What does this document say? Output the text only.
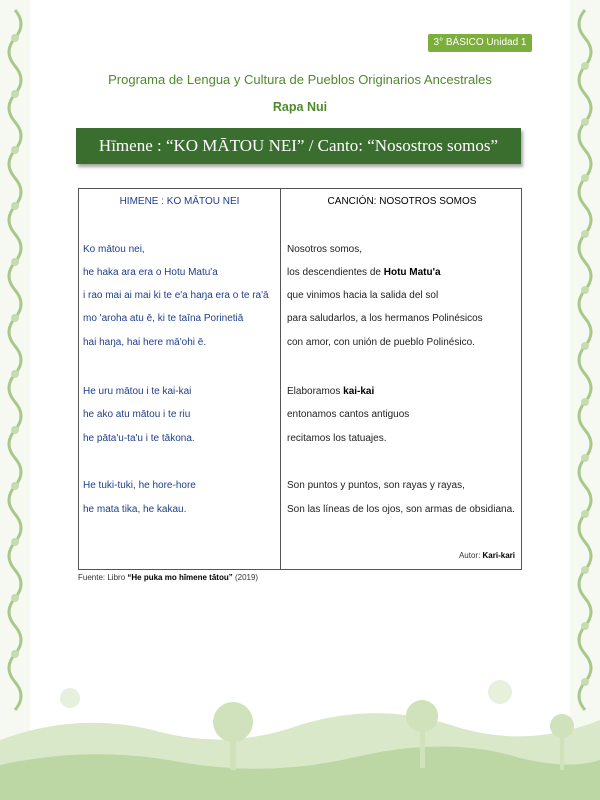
3° BÁSICO Unidad 1
Programa de Lengua y Cultura de Pueblos Originarios Ancestrales
Rapa Nui
Hīmene : “KO MĀTOU NEI” / Canto: “Nosostros somos”
HIMENE : KO MĀTOU NEI	CANCIÓN: NOSOTROS SOMOS
Ko mātou nei,
he haka ara era o Hotu Matu'a
i rao mai ai mai ki te e'a haŋa era o te ra'ā
mo 'aroha atu ē, ki te taīna Porinetiā
hai haŋa, hai here mā'ohi ē.
He uru mātou i te kai-kai
he ako atu mātou i te riu
he pāta'u-ta'u i te tākona.
He tuki-tuki, he hore-hore
he mata tika, he kakau.
Nosotros somos,
los descendientes de Hotu Matu'a
que vinimos hacia la salida del sol
para saludarlos, a los hermanos Polinésicos
con amor, con unión de pueblo Polinésico.
Elaboramos kai-kai
entonamos cantos antiguos
recitamos los tatuajes.
Son puntos y puntos, son rayas y rayas,
Son las líneas de los ojos, son armas de obsidiana.
Autor: Kari-kari
Fuente: Libro “He puka mo hīmene tātou” (2019)
